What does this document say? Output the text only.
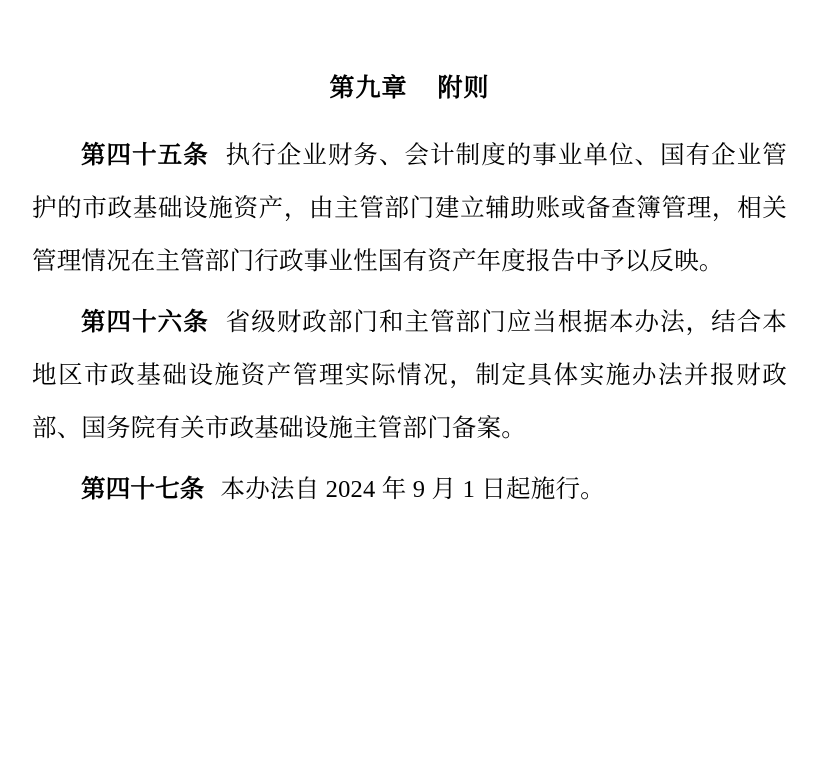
第九章 附则

第四十五条 执行企业财务、会计制度的事业单位、国有企业管护的市政基础设施资产，由主管部门建立辅助账或备查簿管理，相关管理情况在主管部门行政事业性国有资产年度报告中予以反映。

第四十六条 省级财政部门和主管部门应当根据本办法，结合本地区市政基础设施资产管理实际情况，制定具体实施办法并报财政部、国务院有关市政基础设施主管部门备案。

第四十七条 本办法自 2024 年 9 月 1 日起施行。
